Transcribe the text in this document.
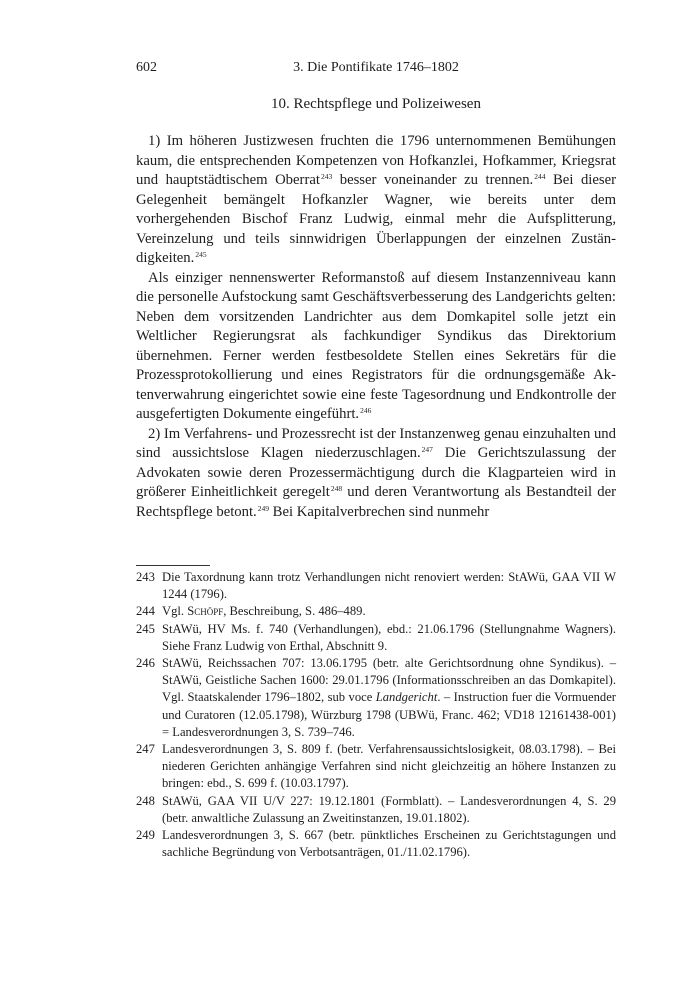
602	3. Die Pontifikate 1746–1802
10. Rechtspflege und Polizeiwesen

1) Im höheren Justizwesen fruchten die 1796 unternommenen Bemühungen kaum, die entsprechenden Kompetenzen von Hofkanzlei, Hofkammer, Kriegsrat und hauptstädtischem Oberrat$^{243}$ besser voneinander zu trennen.$^{244}$ Bei dieser Gelegenheit bemängelt Hofkanzler Wagner, wie bereits unter dem vorhergehenden Bischof Franz Ludwig, einmal mehr die Aufsplitterung, Vereinzelung und teils sinnwidrigen Überlappungen der einzelnen Zuständigkeiten.$^{245}$

Als einziger nennenswerter Reformanstoß auf diesem Instanzenniveau kann die personelle Aufstockung samt Geschäftsverbesserung des Landgerichts gelten: Neben dem vorsitzenden Landrichter aus dem Domkapitel solle jetzt ein Weltlicher Regierungsrat als fachkundiger Syndikus das Direktorium übernehmen. Ferner werden festbesoldete Stellen eines Sekretärs für die Prozessprotokollierung und eines Registrators für die ordnungsgemäße Aktenverwahrung eingerichtet sowie eine feste Tagesordnung und Endkontrolle der ausgefertigten Dokumente eingeführt.$^{246}$

2) Im Verfahrens- und Prozessrecht ist der Instanzenweg genau einzuhalten und sind aussichtslose Klagen niederzuschlagen.$^{247}$ Die Gerichtszulassung der Advokaten sowie deren Prozessermächtigung durch die Klagparteien wird in größerer Einheitlichkeit geregelt$^{248}$ und deren Verantwortung als Bestandteil der Rechtspflege betont.$^{249}$ Bei Kapitalverbrechen sind nunmehr

243 Die Taxordnung kann trotz Verhandlungen nicht renoviert werden: StAWü, GAA VII W 1244 (1796).
244 Vgl. Schöpf, Beschreibung, S. 486–489.
245 StAWü, HV Ms. f. 740 (Verhandlungen), ebd.: 21.06.1796 (Stellungnahme Wagners). Siehe Franz Ludwig von Erthal, Abschnitt 9.
246 StAWü, Reichssachen 707: 13.06.1795 (betr. alte Gerichtsordnung ohne Syndikus). – StAWü, Geistliche Sachen 1600: 29.01.1796 (Informationsschreiben an das Domkapitel). Vgl. Staatskalender 1796–1802, sub voce Landgericht. – Instruction fuer die Vormuender und Curatoren (12.05.1798), Würzburg 1798 (UBWü, Franc. 462; VD18 12161438-001) = Landesverordnungen 3, S. 739–746.
247 Landesverordnungen 3, S. 809 f. (betr. Verfahrensaussichtslosigkeit, 08.03.1798). – Bei niederen Gerichten anhängige Verfahren sind nicht gleichzeitig an höhere Instanzen zu bringen: ebd., S. 699 f. (10.03.1797).
248 StAWü, GAA VII U/V 227: 19.12.1801 (Formblatt). – Landesverordnungen 4, S. 29 (betr. anwaltliche Zulassung an Zweitinstanzen, 19.01.1802).
249 Landesverordnungen 3, S. 667 (betr. pünktliches Erscheinen zu Gerichtstagungen und sachliche Begründung von Verbotsanträgen, 01./11.02.1796).
